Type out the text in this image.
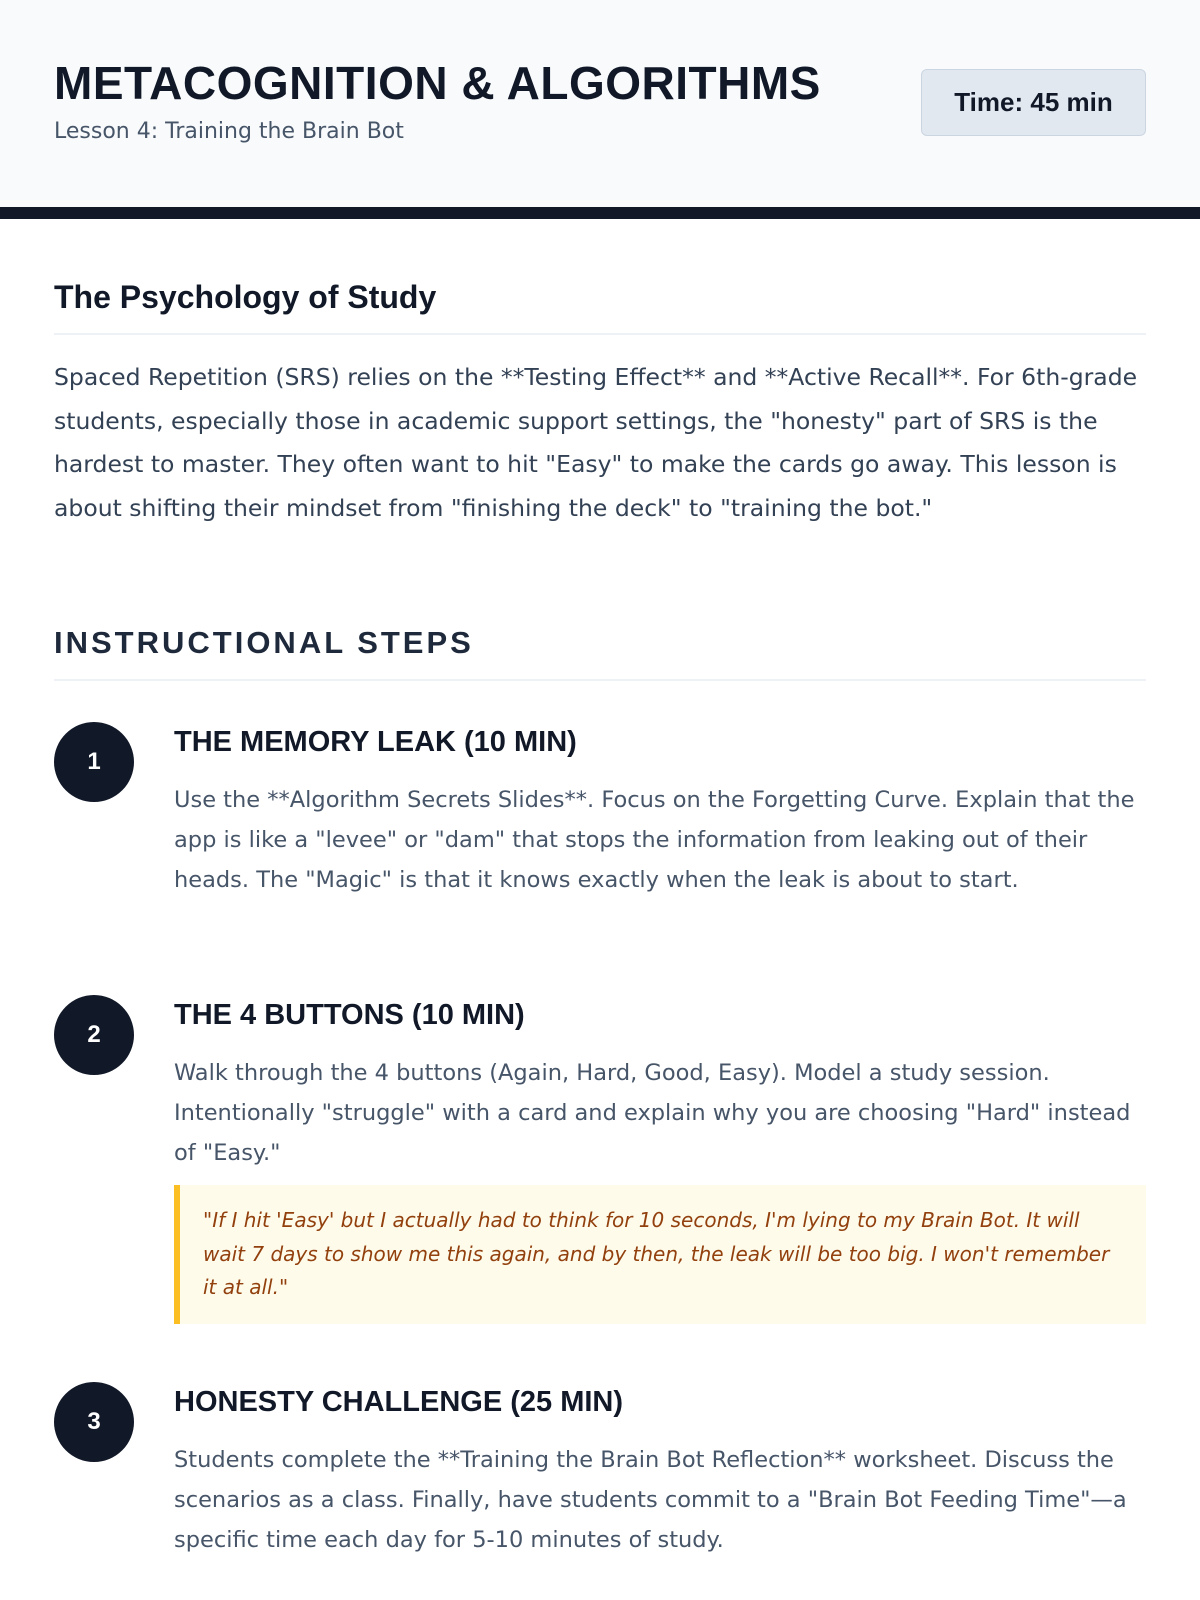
METACOGNITION & ALGORITHMS
Lesson 4: Training the Brain Bot
Time: 45 min
The Psychology of Study

Spaced Repetition (SRS) relies on the **Testing Effect** and **Active Recall**. For 6th-grade students, especially those in academic support settings, the "honesty" part of SRS is the hardest to master. They often want to hit "Easy" to make the cards go away. This lesson is about shifting their mindset from "finishing the deck" to "training the bot."

INSTRUCTIONAL STEPS
1
THE MEMORY LEAK (10 MIN)

Use the **Algorithm Secrets Slides**. Focus on the Forgetting Curve. Explain that the app is like a "levee" or "dam" that stops the information from leaking out of their heads. The "Magic" is that it knows exactly when the leak is about to start.

2
THE 4 BUTTONS (10 MIN)

Walk through the 4 buttons (Again, Hard, Good, Easy). Model a study session. Intentionally "struggle" with a card and explain why you are choosing "Hard" instead of "Easy."

"If I hit 'Easy' but I actually had to think for 10 seconds, I'm lying to my Brain Bot. It will wait 7 days to show me this again, and by then, the leak will be too big. I won't remember it at all."
3
HONESTY CHALLENGE (25 MIN)

Students complete the **Training the Brain Bot Reflection** worksheet. Discuss the scenarios as a class. Finally, have students commit to a "Brain Bot Feeding Time"—a specific time each day for 5-10 minutes of study.
